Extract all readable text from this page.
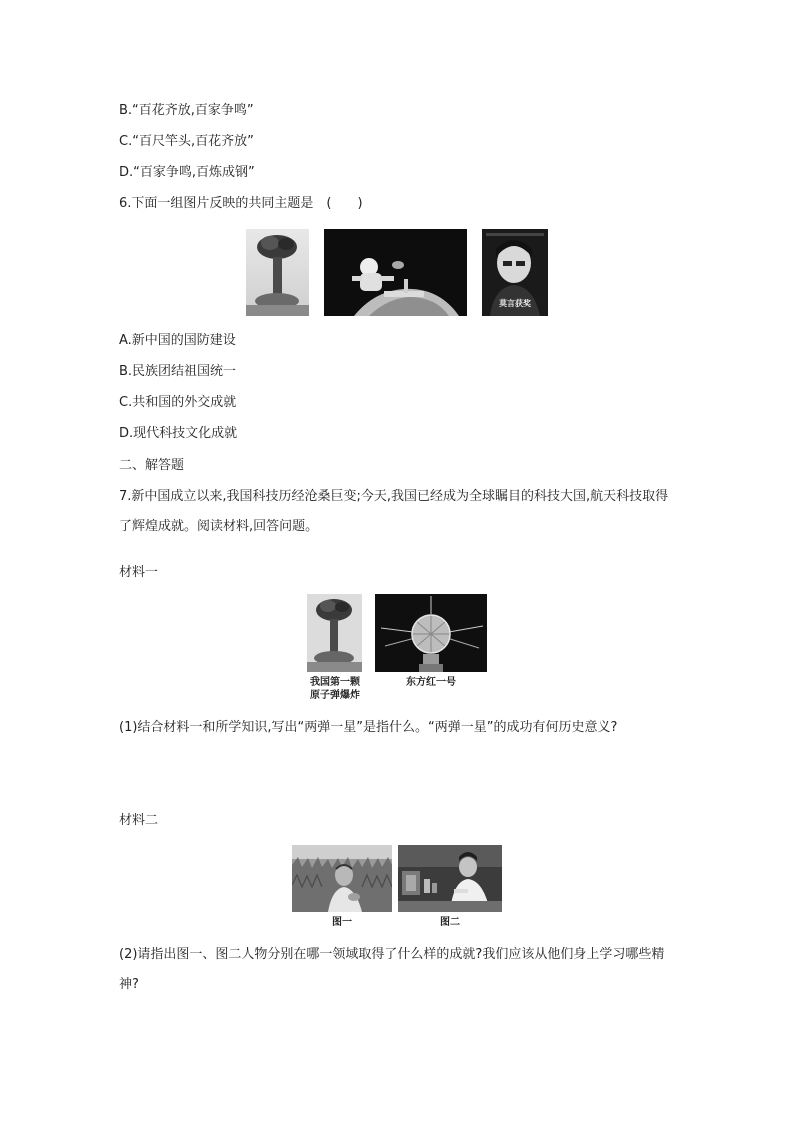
B.“百花齐放,百家争鸣”
C.“百尺竿头,百花齐放”
D.“百家争鸣,百炼成钢”
6.下面一组图片反映的共同主题是　(　　)
莫言获奖
A.新中国的国防建设
B.民族团结祖国统一
C.共和国的外交成就
D.现代科技文化成就
二、解答题
7.新中国成立以来,我国科技历经沧桑巨变;今天,我国已经成为全球瞩目的科技大国,航天科技取得了辉煌成就。阅读材料,回答问题。
材料一
我国第一颗
原子弹爆炸
东方红一号
(1)结合材料一和所学知识,写出“两弹一星”是指什么。“两弹一星”的成功有何历史意义?
材料二
图一	图二
(2)请指出图一、图二人物分别在哪一领域取得了什么样的成就?我们应该从他们身上学习哪些精神?
